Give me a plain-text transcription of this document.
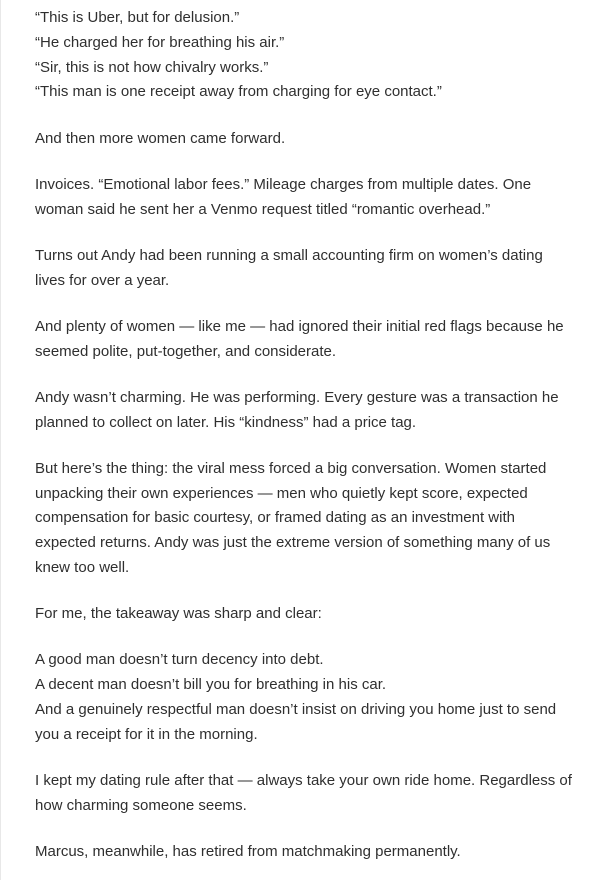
“This is Uber, but for delusion.”
“He charged her for breathing his air.”
“Sir, this is not how chivalry works.”
“This man is one receipt away from charging for eye contact.”

And then more women came forward.

Invoices. “Emotional labor fees.” Mileage charges from multiple dates. One
woman said he sent her a Venmo request titled “romantic overhead.”

Turns out Andy had been running a small accounting firm on women’s dating
lives for over a year.

And plenty of women — like me — had ignored their initial red flags because he
seemed polite, put-together, and considerate.

Andy wasn’t charming. He was performing. Every gesture was a transaction he
planned to collect on later. His “kindness” had a price tag.

But here’s the thing: the viral mess forced a big conversation. Women started
unpacking their own experiences — men who quietly kept score, expected
compensation for basic courtesy, or framed dating as an investment with
expected returns. Andy was just the extreme version of something many of us
knew too well.

For me, the takeaway was sharp and clear:

A good man doesn’t turn decency into debt.
A decent man doesn’t bill you for breathing in his car.
And a genuinely respectful man doesn’t insist on driving you home just to send
you a receipt for it in the morning.

I kept my dating rule after that — always take your own ride home. Regardless of
how charming someone seems.

Marcus, meanwhile, has retired from matchmaking permanently.
